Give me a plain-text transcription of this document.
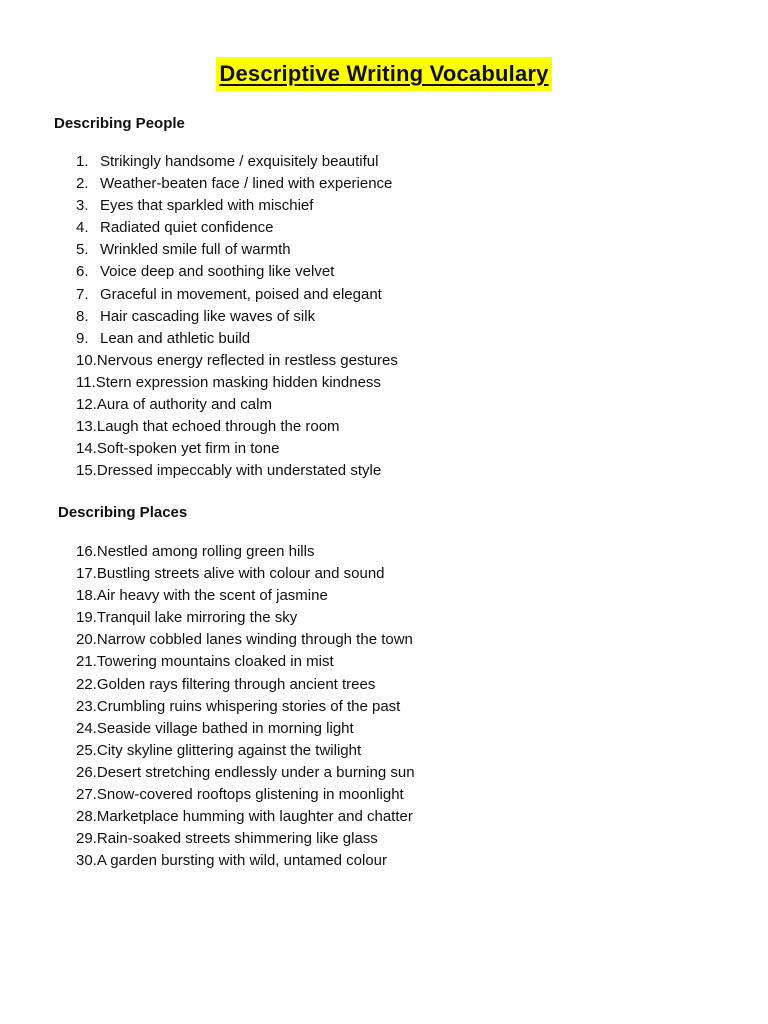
Descriptive Writing Vocabulary
Describing People
1. Strikingly handsome / exquisitely beautiful
2. Weather-beaten face / lined with experience
3. Eyes that sparkled with mischief
4. Radiated quiet confidence
5. Wrinkled smile full of warmth
6. Voice deep and soothing like velvet
7. Graceful in movement, poised and elegant
8. Hair cascading like waves of silk
9. Lean and athletic build
10.Nervous energy reflected in restless gestures
11.Stern expression masking hidden kindness
12.Aura of authority and calm
13.Laugh that echoed through the room
14.Soft-spoken yet firm in tone
15.Dressed impeccably with understated style
Describing Places
16.Nestled among rolling green hills
17.Bustling streets alive with colour and sound
18.Air heavy with the scent of jasmine
19.Tranquil lake mirroring the sky
20.Narrow cobbled lanes winding through the town
21.Towering mountains cloaked in mist
22.Golden rays filtering through ancient trees
23.Crumbling ruins whispering stories of the past
24.Seaside village bathed in morning light
25.City skyline glittering against the twilight
26.Desert stretching endlessly under a burning sun
27.Snow-covered rooftops glistening in moonlight
28.Marketplace humming with laughter and chatter
29.Rain-soaked streets shimmering like glass
30.A garden bursting with wild, untamed colour
